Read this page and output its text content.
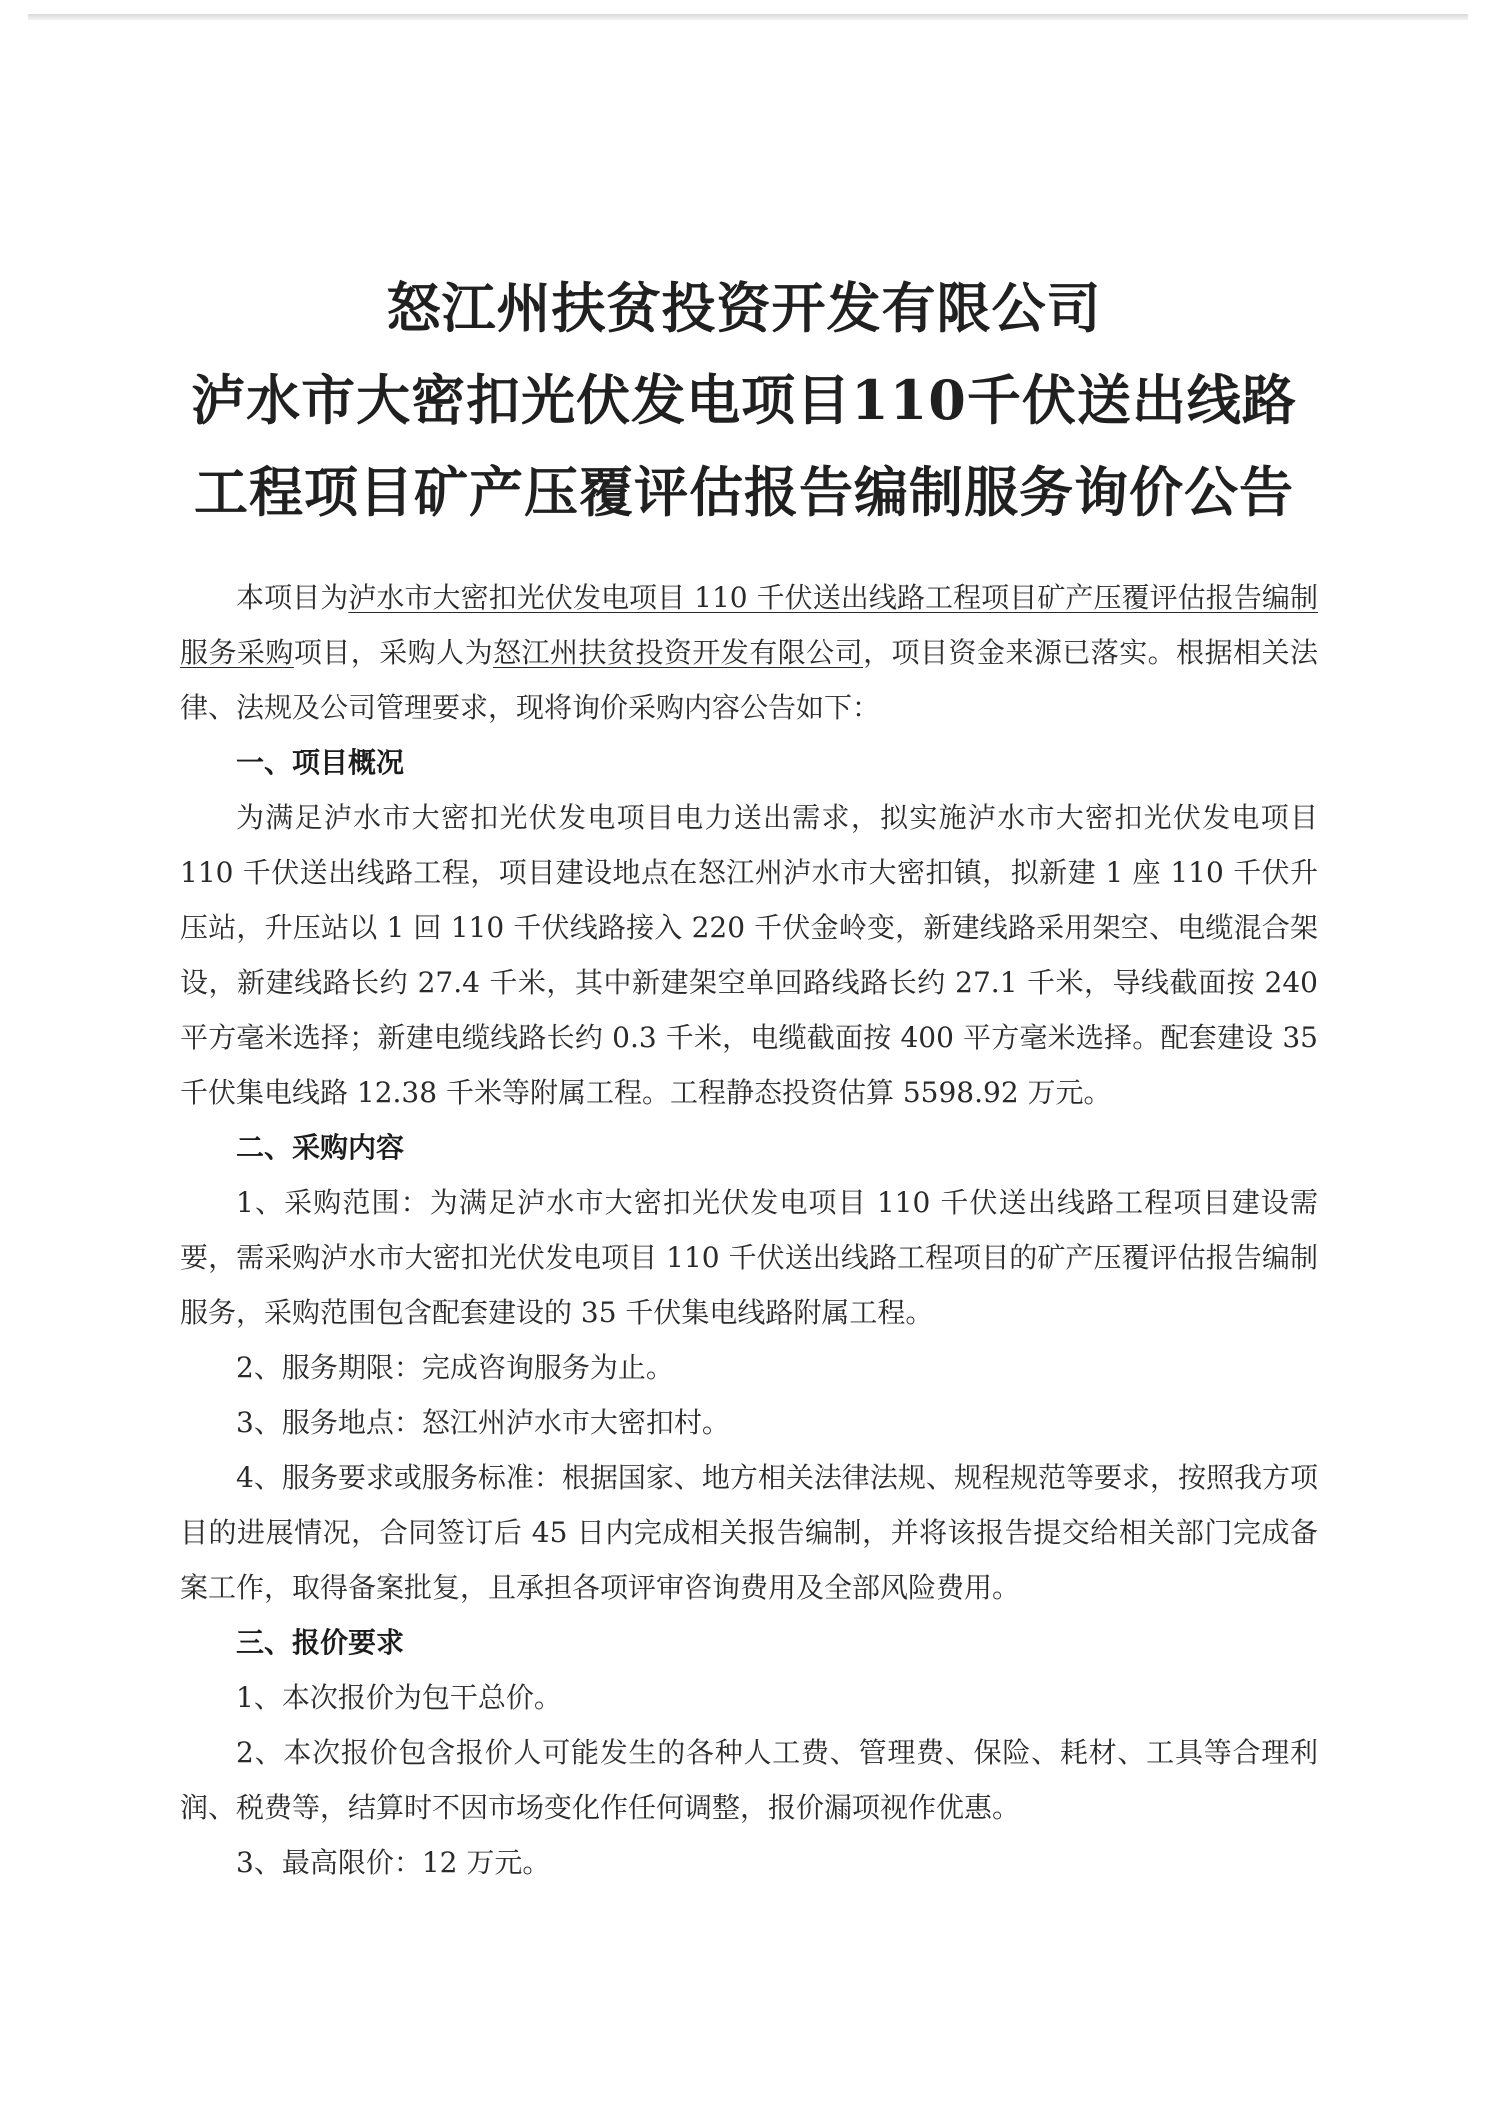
怒江州扶贫投资开发有限公司
泸水市大密扣光伏发电项目110千伏送出线路
工程项目矿产压覆评估报告编制服务询价公告

本项目为泸水市大密扣光伏发电项目 110 千伏送出线路工程项目矿产压覆评估报告编制服务采购项目，采购人为怒江州扶贫投资开发有限公司，项目资金来源已落实。根据相关法律、法规及公司管理要求，现将询价采购内容公告如下：

一、项目概况

为满足泸水市大密扣光伏发电项目电力送出需求，拟实施泸水市大密扣光伏发电项目 110 千伏送出线路工程，项目建设地点在怒江州泸水市大密扣镇，拟新建 1 座 110 千伏升压站，升压站以 1 回 110 千伏线路接入 220 千伏金岭变，新建线路采用架空、电缆混合架设，新建线路长约 27.4 千米，其中新建架空单回路线路长约 27.1 千米，导线截面按 240 平方毫米选择；新建电缆线路长约 0.3 千米，电缆截面按 400 平方毫米选择。配套建设 35 千伏集电线路 12.38 千米等附属工程。工程静态投资估算 5598.92 万元。

二、采购内容

1、采购范围：为满足泸水市大密扣光伏发电项目 110 千伏送出线路工程项目建设需要，需采购泸水市大密扣光伏发电项目 110 千伏送出线路工程项目的矿产压覆评估报告编制服务，采购范围包含配套建设的 35 千伏集电线路附属工程。

2、服务期限：完成咨询服务为止。

3、服务地点：怒江州泸水市大密扣村。

4、服务要求或服务标准：根据国家、地方相关法律法规、规程规范等要求，按照我方项目的进展情况，合同签订后 45 日内完成相关报告编制，并将该报告提交给相关部门完成备案工作，取得备案批复，且承担各项评审咨询费用及全部风险费用。

三、报价要求

1、本次报价为包干总价。

2、本次报价包含报价人可能发生的各种人工费、管理费、保险、耗材、工具等合理利润、税费等，结算时不因市场变化作任何调整，报价漏项视作优惠。

3、最高限价：12 万元。
